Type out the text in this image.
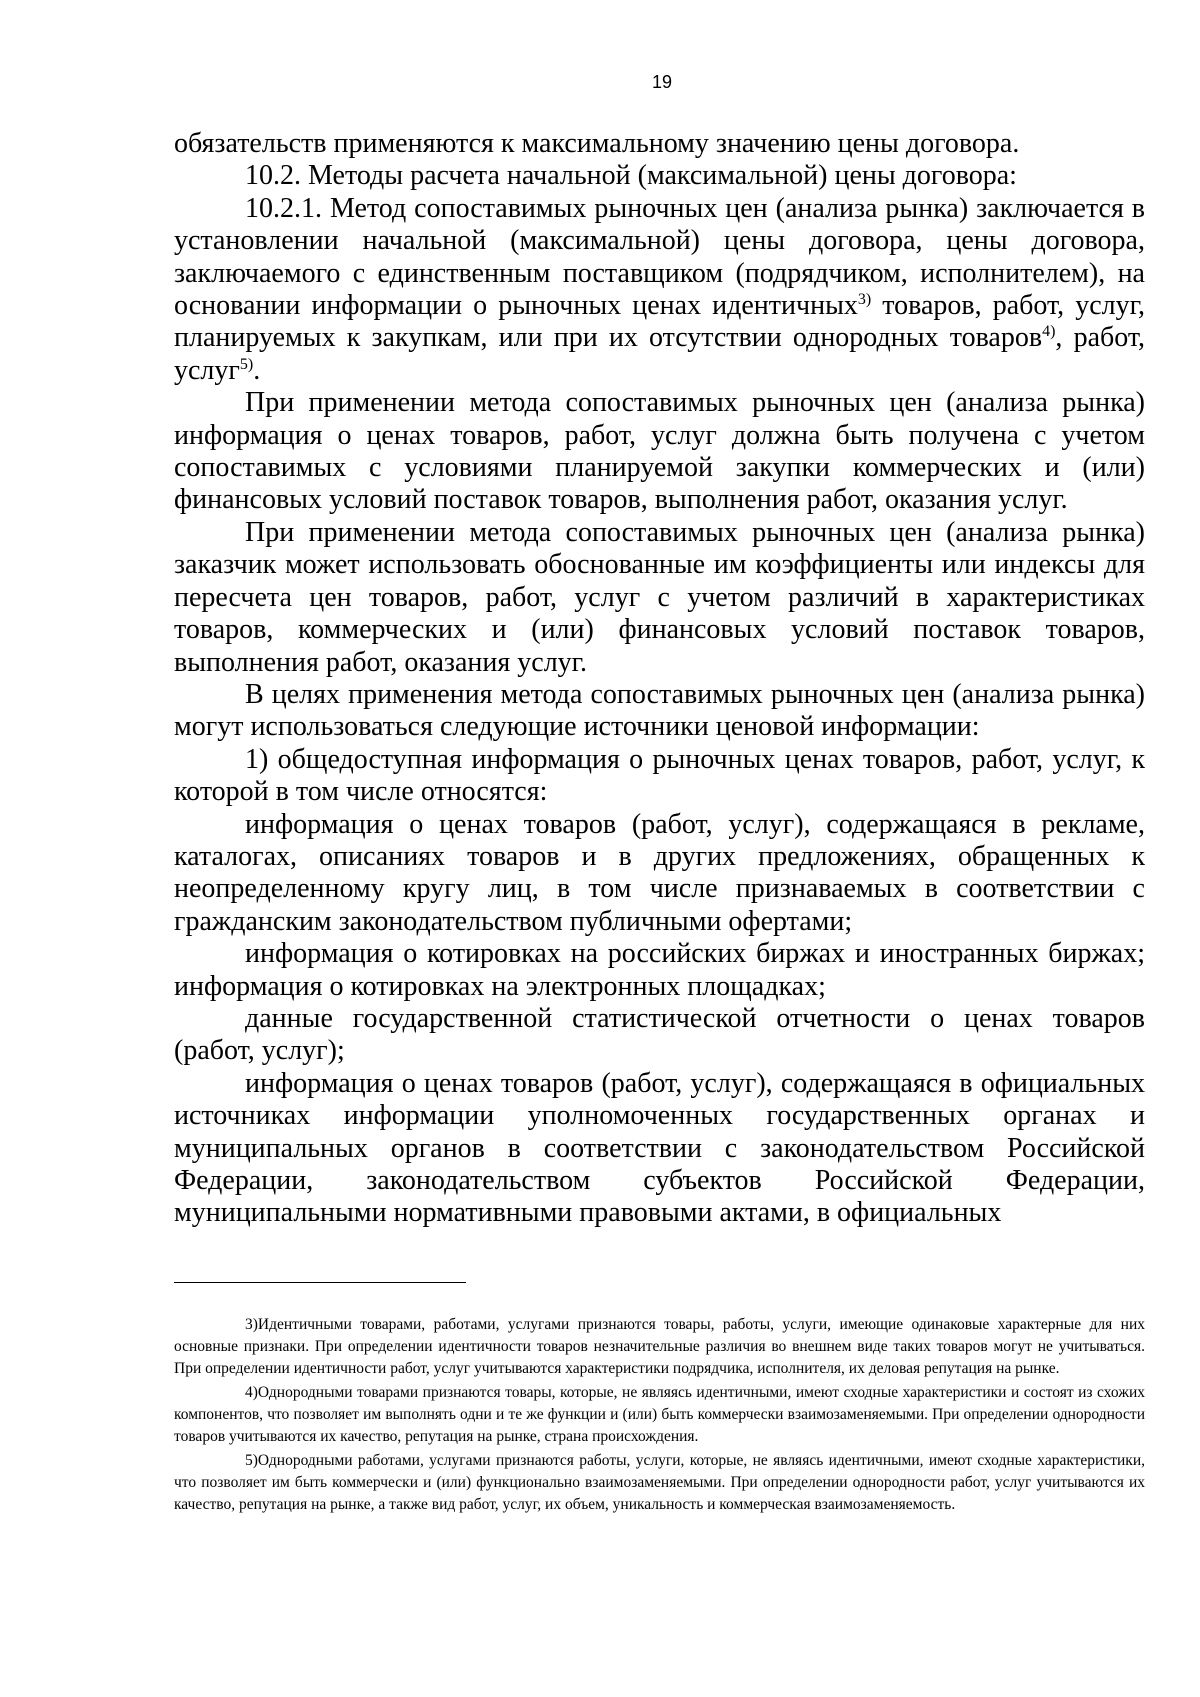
19

обязательств применяются к максимальному значению цены договора.

10.2. Методы расчета начальной (максимальной) цены договора:

10.2.1. Метод сопоставимых рыночных цен (анализа рынка) заключается в установлении начальной (максимальной) цены договора, цены договора, заключаемого с единственным поставщиком (подрядчиком, исполнителем), на основании информации о рыночных ценах идентичных$^{3)}$ товаров, работ, услуг, планируемых к закупкам, или при их отсутствии однородных товаров$^{4)}$, работ, услуг$^{5)}$.

При применении метода сопоставимых рыночных цен (анализа рынка) информация о ценах товаров, работ, услуг должна быть получена с учетом сопоставимых с условиями планируемой закупки коммерческих и (или) финансовых условий поставок товаров, выполнения работ, оказания услуг.

При применении метода сопоставимых рыночных цен (анализа рынка) заказчик может использовать обоснованные им коэффициенты или индексы для пересчета цен товаров, работ, услуг с учетом различий в характеристиках товаров, коммерческих и (или) финансовых условий поставок товаров, выполнения работ, оказания услуг.

В целях применения метода сопоставимых рыночных цен (анализа рынка) могут использоваться следующие источники ценовой информации:

1) общедоступная информация о рыночных ценах товаров, работ, услуг, к которой в том числе относятся:

информация о ценах товаров (работ, услуг), содержащаяся в рекламе, каталогах, описаниях товаров и в других предложениях, обращенных к неопределенному кругу лиц, в том числе признаваемых в соответствии с гражданским законодательством публичными офертами;

информация о котировках на российских биржах и иностранных биржах; информация о котировках на электронных площадках;

данные государственной статистической отчетности о ценах товаров (работ, услуг);

информация о ценах товаров (работ, услуг), содержащаяся в официальных источниках информации уполномоченных государственных органах и муниципальных органов в соответствии с законодательством Российской Федерации, законодательством субъектов Российской Федерации, муниципальными нормативными правовыми актами, в официальных

3)Идентичными товарами, работами, услугами признаются товары, работы, услуги, имеющие одинаковые характерные для них основные признаки. При определении идентичности товаров незначительные различия во внешнем виде таких товаров могут не учитываться. При определении идентичности работ, услуг учитываются характеристики подрядчика, исполнителя, их деловая репутация на рынке.

4)Однородными товарами признаются товары, которые, не являясь идентичными, имеют сходные характеристики и состоят из схожих компонентов, что позволяет им выполнять одни и те же функции и (или) быть коммерчески взаимозаменяемыми. При определении однородности товаров учитываются их качество, репутация на рынке, страна происхождения.

5)Однородными работами, услугами признаются работы, услуги, которые, не являясь идентичными, имеют сходные характеристики, что позволяет им быть коммерчески и (или) функционально взаимозаменяемыми. При определении однородности работ, услуг учитываются их качество, репутация на рынке, а также вид работ, услуг, их объем, уникальность и коммерческая взаимозаменяемость.
